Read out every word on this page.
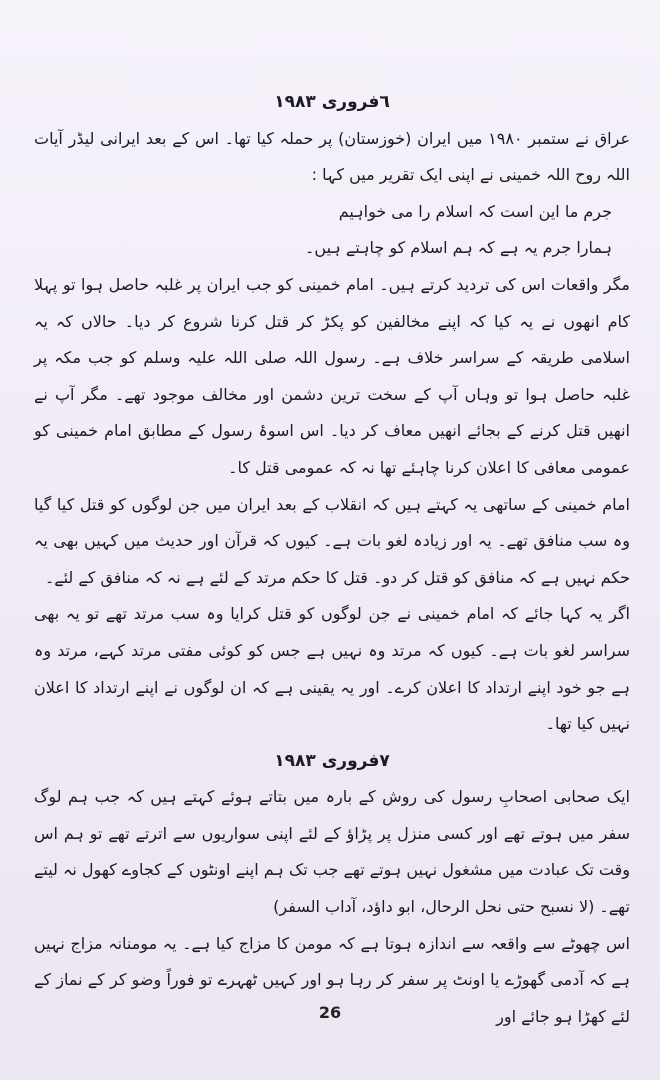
٦فروری ١٩٨٣

عراق نے ستمبر ١٩٨٠ میں ایران (خوزستان) پر حملہ کیا تھا۔ اس کے بعد ایرانی لیڈر آیات اللہ روح اللہ خمینی نے اپنی ایک تقریر میں کہا :

جرم ما این است کہ اسلام را می خواہیم

ہمارا جرم یہ ہے کہ ہم اسلام کو چاہتے ہیں۔

مگر واقعات اس کی تردید کرتے ہیں۔ امام خمینی کو جب ایران پر غلبہ حاصل ہوا تو پہلا کام انھوں نے یہ کیا کہ اپنے مخالفین کو پکڑ کر قتل کرنا شروع کر دیا۔ حالاں کہ یہ اسلامی طریقہ کے سراسر خلاف ہے۔ رسول اللہ صلی اللہ علیہ وسلم کو جب مکہ پر غلبہ حاصل ہوا تو وہاں آپ کے سخت ترین دشمن اور مخالف موجود تھے۔ مگر آپ نے انھیں قتل کرنے کے بجائے انھیں معاف کر دیا۔ اس اسوۂ رسول کے مطابق امام خمینی کو عمومی معافی کا اعلان کرنا چاہئے تھا نہ کہ عمومی قتل کا۔

امام خمینی کے ساتھی یہ کہتے ہیں کہ انقلاب کے بعد ایران میں جن لوگوں کو قتل کیا گیا وہ سب منافق تھے۔ یہ اور زیادہ لغو بات ہے۔ کیوں کہ قرآن اور حدیث میں کہیں بھی یہ حکم نہیں ہے کہ منافق کو قتل کر دو۔ قتل کا حکم مرتد کے لئے ہے نہ کہ منافق کے لئے۔

اگر یہ کہا جائے کہ امام خمینی نے جن لوگوں کو قتل کرایا وہ سب مرتد تھے تو یہ بھی سراسر لغو بات ہے۔ کیوں کہ مرتد وہ نہیں ہے جس کو کوئی مفتی مرتد کہے، مرتد وہ ہے جو خود اپنے ارتداد کا اعلان کرے۔ اور یہ یقینی ہے کہ ان لوگوں نے اپنے ارتداد کا اعلان نہیں کیا تھا۔

٧فروری ١٩٨٣

ایک صحابی اصحابِ رسول کی روش کے بارہ میں بتاتے ہوئے کہتے ہیں کہ جب ہم لوگ سفر میں ہوتے تھے اور کسی منزل پر پڑاؤ کے لئے اپنی سواریوں سے اترتے تھے تو ہم اس وقت تک عبادت میں مشغول نہیں ہوتے تھے جب تک ہم اپنے اونٹوں کے کجاوے کھول نہ لیتے تھے۔ (لا نسبح حتی نحل الرحال، ابو داؤد، آداب السفر)

اس چھوٹے سے واقعہ سے اندازہ ہوتا ہے کہ مومن کا مزاج کیا ہے۔ یہ مومنانہ مزاج نہیں ہے کہ آدمی گھوڑے یا اونٹ پر سفر کر رہا ہو اور کہیں ٹھہرے تو فوراً وضو کر کے نماز کے لئے کھڑا ہو جائے اور

26
